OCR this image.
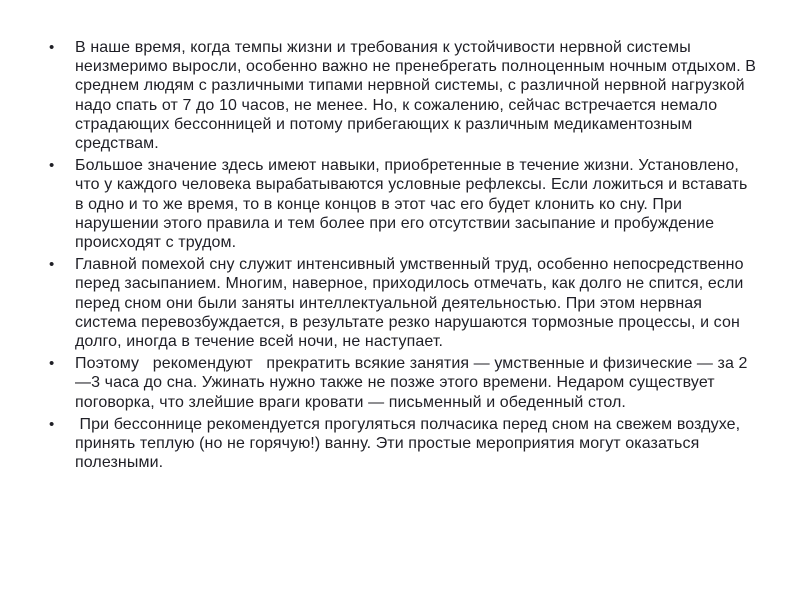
•	В наше время, когда темпы жизни и требования к устойчивости нервной системы неизмеримо выросли, особенно важно не пренебрегать полноценным ночным отдыхом. В среднем людям с различными типами нервной системы, с различной нервной нагрузкой надо спать от 7 до 10 часов, не менее. Но, к сожалению, сейчас встречается немало страдающих бессонницей и потому прибегающих к различным медикаментозным средствам.
•	Большое значение здесь имеют навыки, приобретенные в течение жизни. Установлено, что у каждого человека вырабатываются условные рефлексы. Если ложиться и вставать в одно и то же время, то в конце концов в этот час его будет клонить ко сну. При нарушении этого правила и тем более при его отсутствии засыпание и пробуждение происходят с трудом.
•	Главной помехой сну служит интенсивный умственный труд, особенно непосредственно перед засыпанием. Многим, наверное, приходилось отмечать, как долго не спится, если перед сном они были заняты интеллектуальной деятельностью. При этом нервная система перевозбуждается, в результате резко нарушаются тормозные процессы, и сон долго, иногда в течение всей ночи, не наступает.
•	Поэтому   рекомендуют   прекратить всякие занятия — умственные и физические — за 2—3 часа до сна. Ужинать нужно также не позже этого времени. Недаром существует поговорка, что злейшие враги кровати — письменный и обеденный стол.
•	При бессоннице рекомендуется прогуляться полчасика перед сном на свежем воздухе, принять теплую (но не горячую!) ванну. Эти простые мероприятия могут оказаться полезными.
